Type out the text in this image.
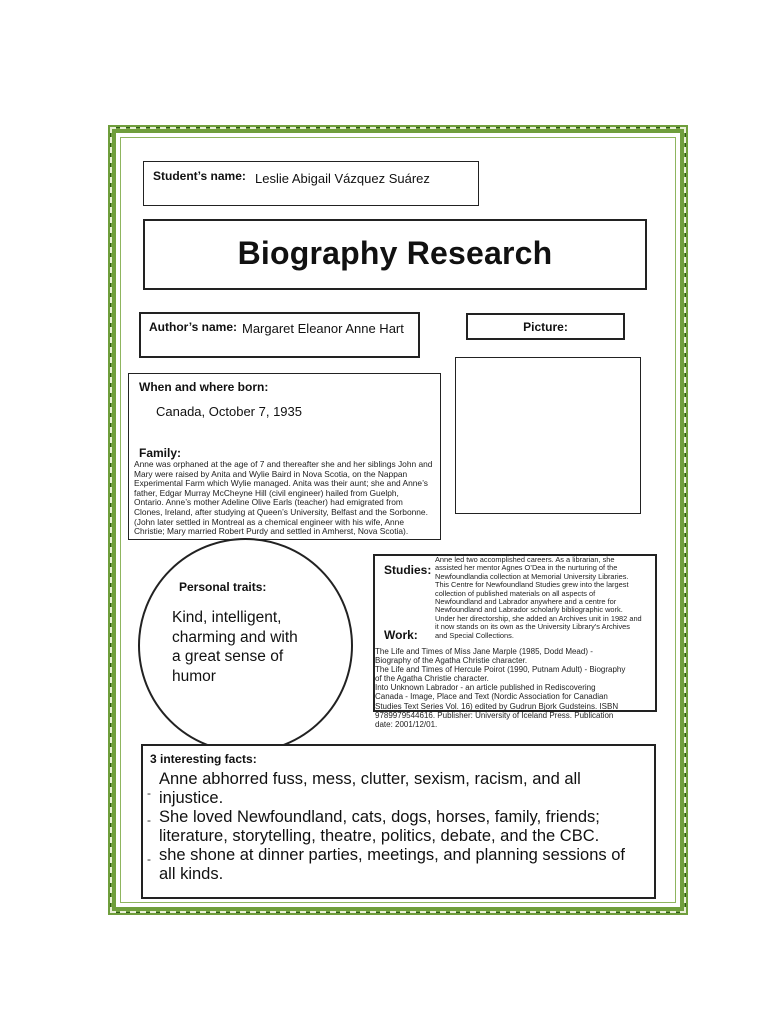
Student’s name: Leslie Abigail Vázquez Suárez
Biography Research
Author’s name: Margaret Eleanor Anne Hart	Picture:
When and where born:
Canada, October 7, 1935
Family:
Anne was orphaned at the age of 7 and thereafter she and her siblings John and
Mary were raised by Anita and Wylie Baird in Nova Scotia, on the Nappan
Experimental Farm which Wylie managed. Anita was their aunt; she and Anne’s
father, Edgar Murray McCheyne Hill (civil engineer) hailed from Guelph,
Ontario. Anne’s mother Adeline Olive Earls (teacher) had emigrated from
Clones, Ireland, after studying at Queen’s University, Belfast and the Sorbonne.
(John later settled in Montreal as a chemical engineer with his wife, Anne
Christie; Mary married Robert Purdy and settled in Amherst, Nova Scotia).
Personal traits:
Kind, intelligent,
charming and with
a great sense of
humor
Studies:
Anne led two accomplished careers. As a librarian, she
assisted her mentor Agnes O’Dea in the nurturing of the
Newfoundlandia collection at Memorial University Libraries.
This Centre for Newfoundland Studies grew into the largest
collection of published materials on all aspects of
Newfoundland and Labrador anywhere and a centre for
Newfoundland and Labrador scholarly bibliographic work.
Under her directorship, she added an Archives unit in 1982 and
it now stands on its own as the University Library’s Archives
and Special Collections.
Work:
The Life and Times of Miss Jane Marple (1985, Dodd Mead) -
Biography of the Agatha Christie character.
The Life and Times of Hercule Poirot (1990, Putnam Adult) - Biography
of the Agatha Christie character.
Into Unknown Labrador - an article published in Rediscovering
Canada - Image, Place and Text (Nordic Association for Canadian
Studies Text Series Vol. 16) edited by Gudrun Bjork Gudsteins. ISBN
9789979544616. Publisher: University of Iceland Press. Publication
date: 2001/12/01.
3 interesting facts:
-
-
-
Anne abhorred fuss, mess, clutter, sexism, racism, and all
injustice.
She loved Newfoundland, cats, dogs, horses, family, friends;
literature, storytelling, theatre, politics, debate, and the CBC.
she shone at dinner parties, meetings, and planning sessions of
all kinds.
